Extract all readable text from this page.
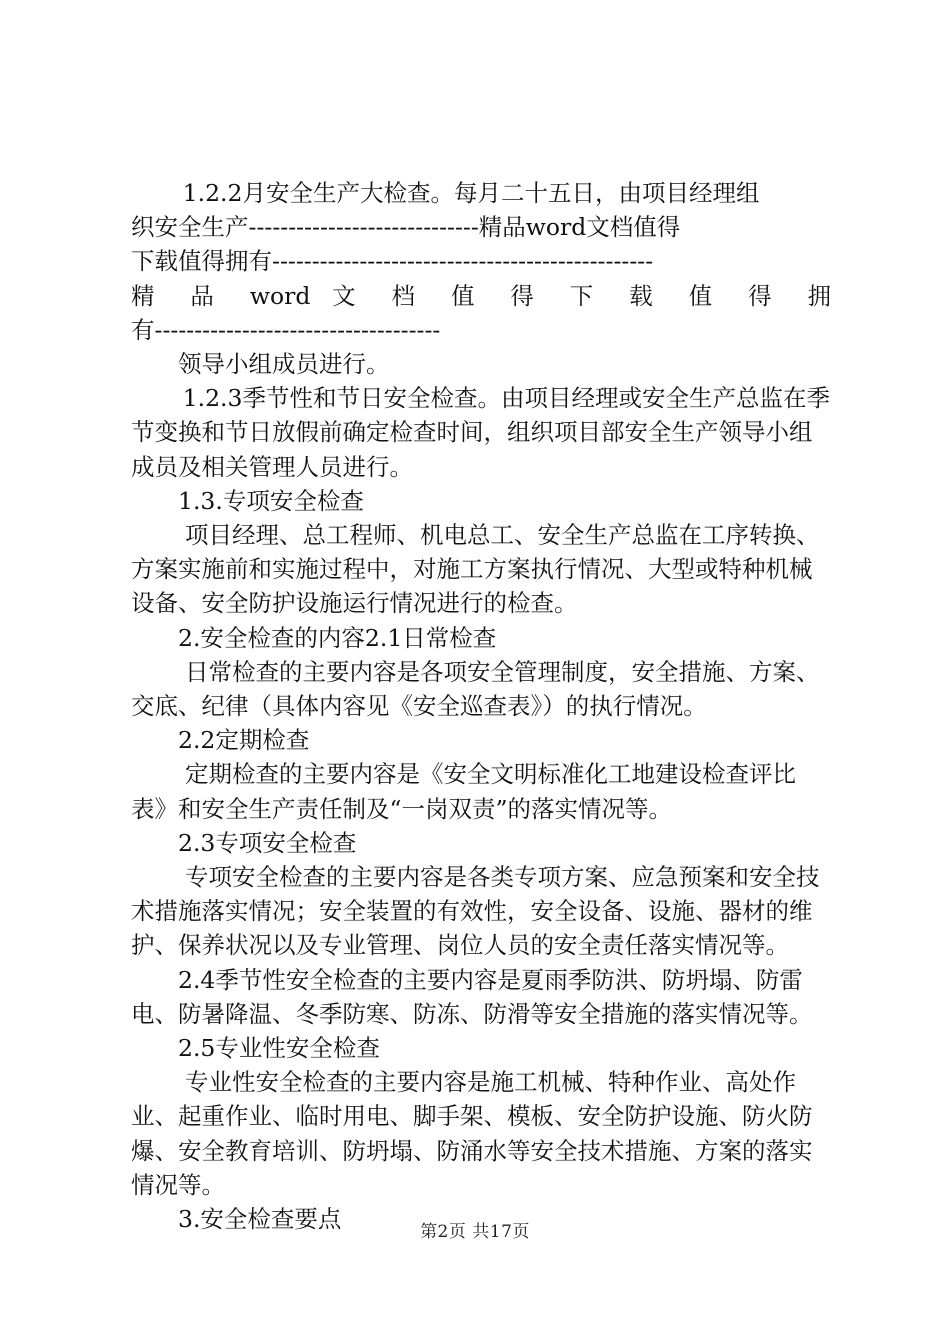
1.2.2月安全生产大检查。每月二十五日，由项目经理组

织安全生产-----------------------------精品word文档值得

下载值得拥有------------------------------------------------

精 品 word 文 档 值 得 下 载 值 得 拥

有------------------------------------

领导小组成员进行。

1.2.3季节性和节日安全检查。由项目经理或安全生产总监在季节变换和节日放假前确定检查时间，组织项目部安全生产领导小组成员及相关管理人员进行。

1.3.专项安全检查

项目经理、总工程师、机电总工、安全生产总监在工序转换、方案实施前和实施过程中，对施工方案执行情况、大型或特种机械设备、安全防护设施运行情况进行的检查。

2.安全检查的内容2.1日常检查

日常检查的主要内容是各项安全管理制度，安全措施、方案、交底、纪律（具体内容见《安全巡查表》）的执行情况。

2.2定期检查

定期检查的主要内容是《安全文明标准化工地建设检查评比表》和安全生产责任制及“一岗双责”的落实情况等。

2.3专项安全检查

专项安全检查的主要内容是各类专项方案、应急预案和安全技术措施落实情况；安全装置的有效性，安全设备、设施、器材的维护、保养状况以及专业管理、岗位人员的安全责任落实情况等。

2.4季节性安全检查的主要内容是夏雨季防洪、防坍塌、防雷电、防暑降温、冬季防寒、防冻、防滑等安全措施的落实情况等。

2.5专业性安全检查

专业性安全检查的主要内容是施工机械、特种作业、高处作业、起重作业、临时用电、脚手架、模板、安全防护设施、防火防爆、安全教育培训、防坍塌、防涌水等安全技术措施、方案的落实情况等。

3.安全检查要点	第2页 共17页
